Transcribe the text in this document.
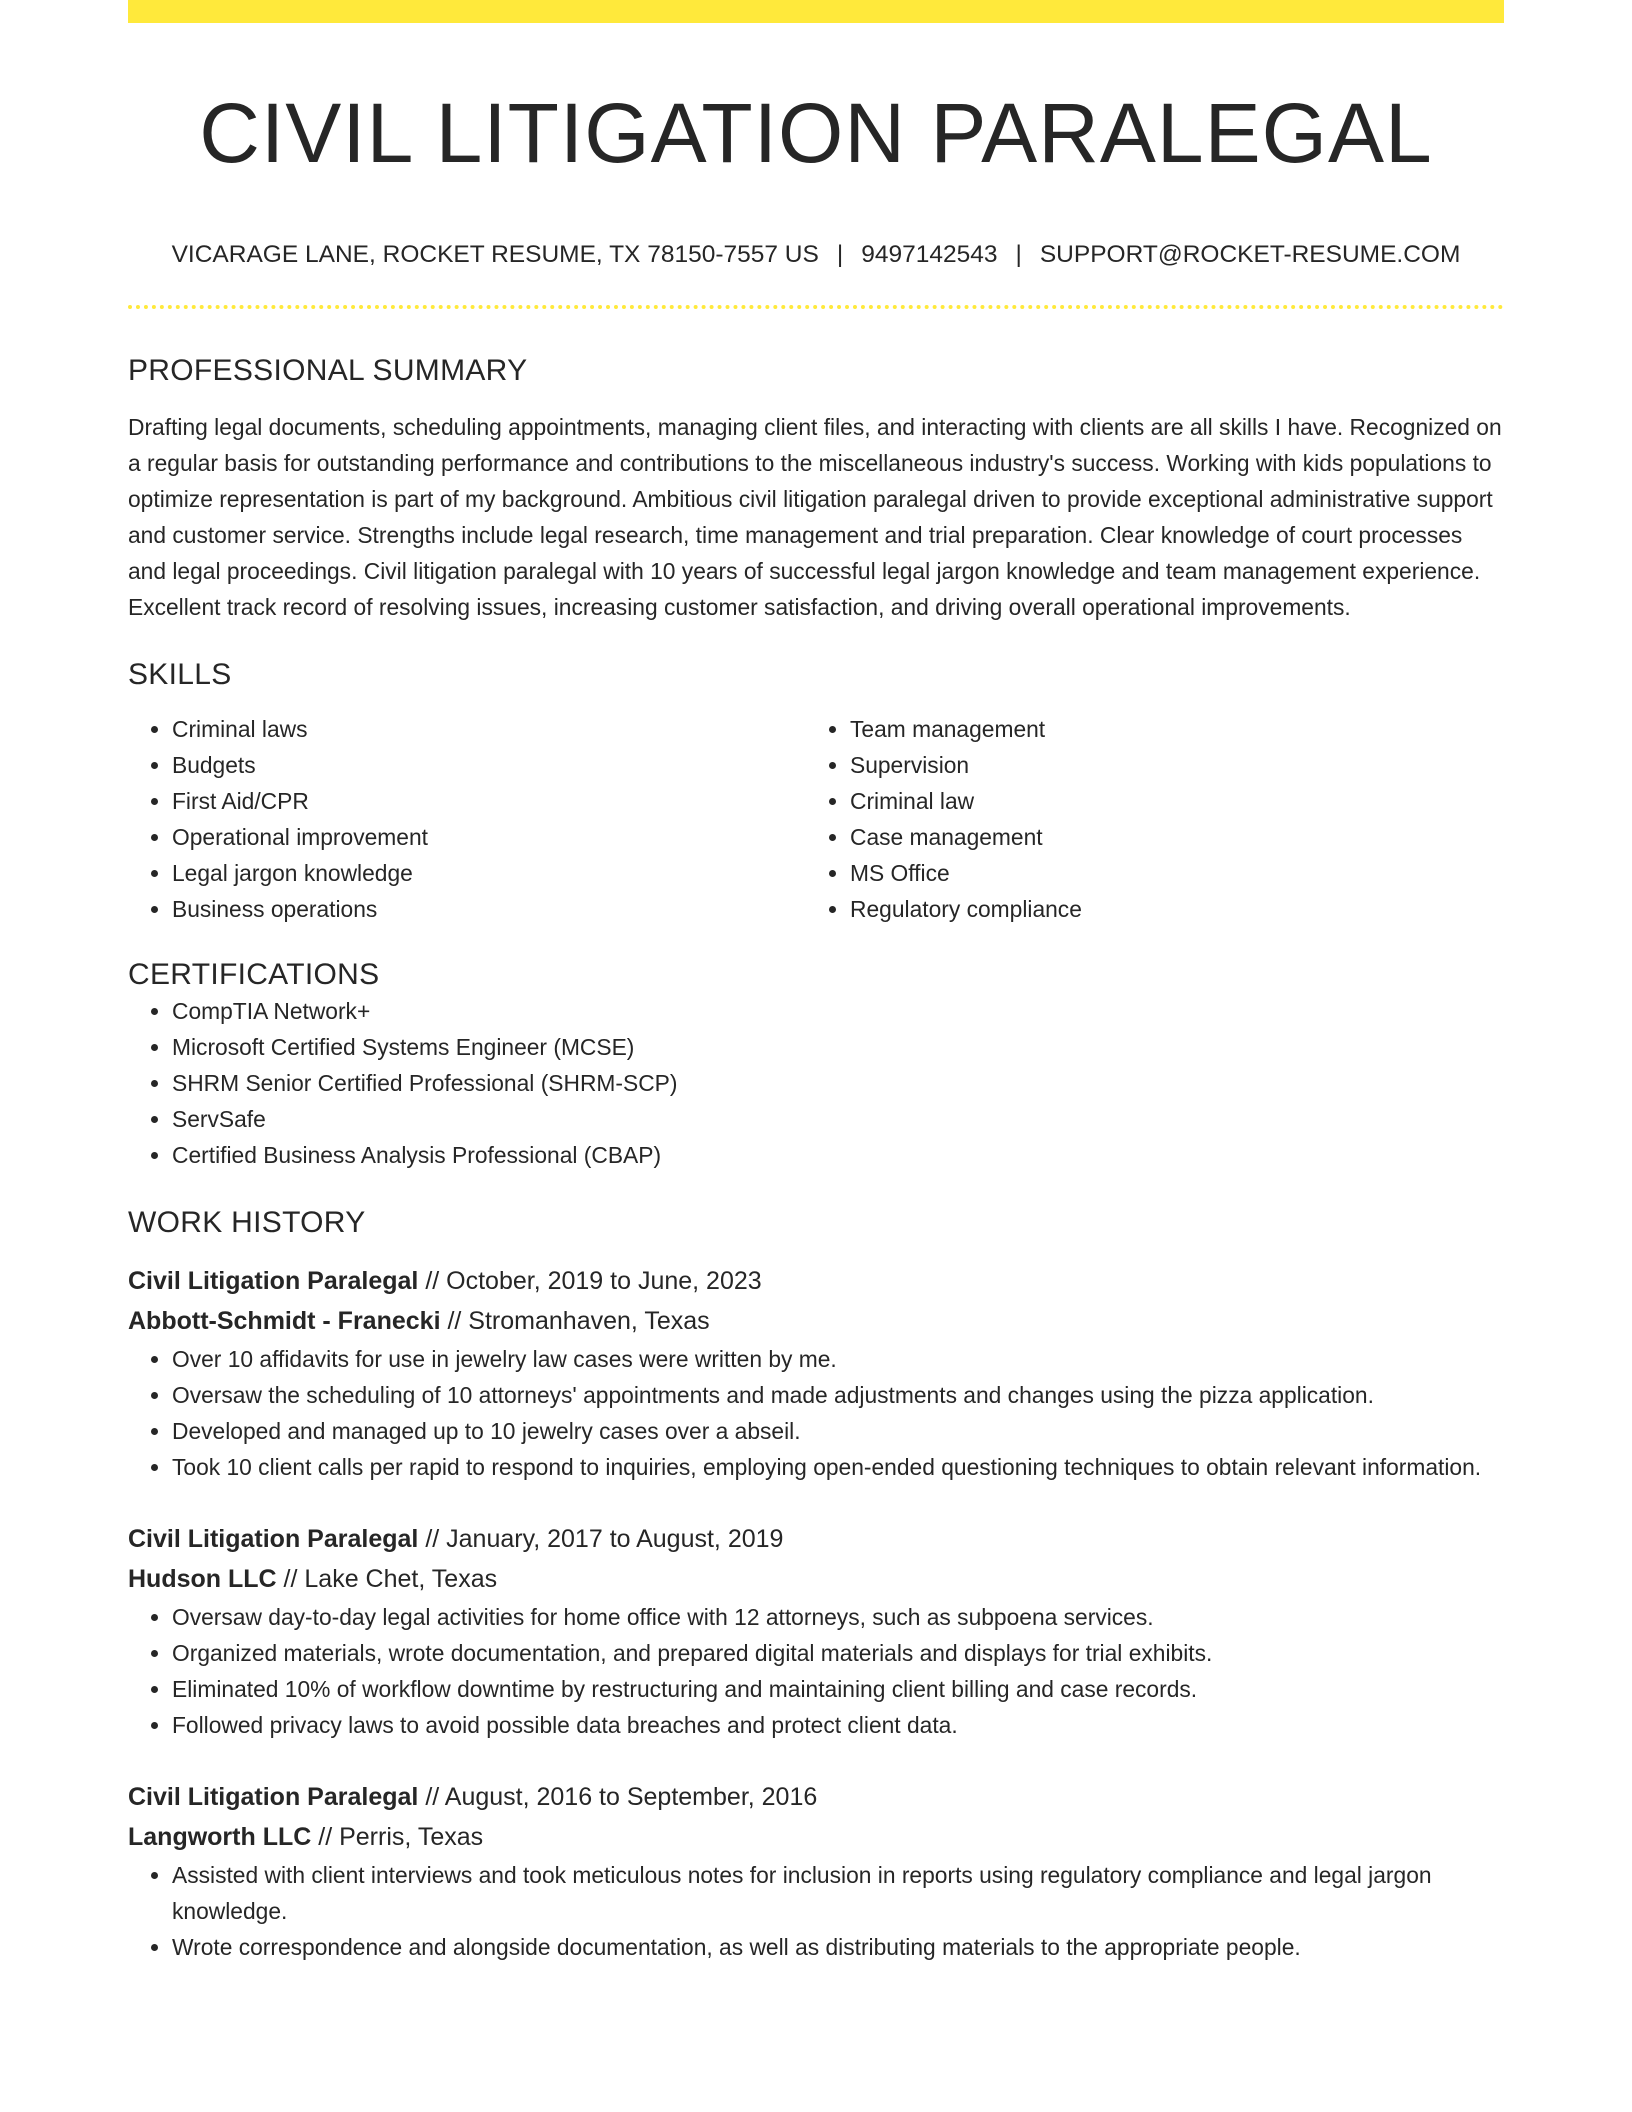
CIVIL LITIGATION PARALEGAL
VICARAGE LANE, ROCKET RESUME, TX 78150-7557 US | 9497142543 | SUPPORT@ROCKET-RESUME.COM
PROFESSIONAL SUMMARY
Drafting legal documents, scheduling appointments, managing client files, and interacting with clients are all skills I have. Recognized on a regular basis for outstanding performance and contributions to the miscellaneous industry's success. Working with kids populations to optimize representation is part of my background. Ambitious civil litigation paralegal driven to provide exceptional administrative support and customer service. Strengths include legal research, time management and trial preparation. Clear knowledge of court processes and legal proceedings. Civil litigation paralegal with 10 years of successful legal jargon knowledge and team management experience. Excellent track record of resolving issues, increasing customer satisfaction, and driving overall operational improvements.
SKILLS
• Criminal laws
• Budgets
• First Aid/CPR
• Operational improvement
• Legal jargon knowledge
• Business operations
• Team management
• Supervision
• Criminal law
• Case management
• MS Office
• Regulatory compliance
CERTIFICATIONS
• CompTIA Network+
• Microsoft Certified Systems Engineer (MCSE)
• SHRM Senior Certified Professional (SHRM-SCP)
• ServSafe
• Certified Business Analysis Professional (CBAP)
WORK HISTORY
Civil Litigation Paralegal // October, 2019 to June, 2023
Abbott-Schmidt - Franecki // Stromanhaven, Texas
• Over 10 affidavits for use in jewelry law cases were written by me.
• Oversaw the scheduling of 10 attorneys' appointments and made adjustments and changes using the pizza application.
• Developed and managed up to 10 jewelry cases over a abseil.
• Took 10 client calls per rapid to respond to inquiries, employing open-ended questioning techniques to obtain relevant information.
Civil Litigation Paralegal // January, 2017 to August, 2019
Hudson LLC // Lake Chet, Texas
• Oversaw day-to-day legal activities for home office with 12 attorneys, such as subpoena services.
• Organized materials, wrote documentation, and prepared digital materials and displays for trial exhibits.
• Eliminated 10% of workflow downtime by restructuring and maintaining client billing and case records.
• Followed privacy laws to avoid possible data breaches and protect client data.
Civil Litigation Paralegal // August, 2016 to September, 2016
Langworth LLC // Perris, Texas
• Assisted with client interviews and took meticulous notes for inclusion in reports using regulatory compliance and legal jargon knowledge.
• Wrote correspondence and alongside documentation, as well as distributing materials to the appropriate people.
